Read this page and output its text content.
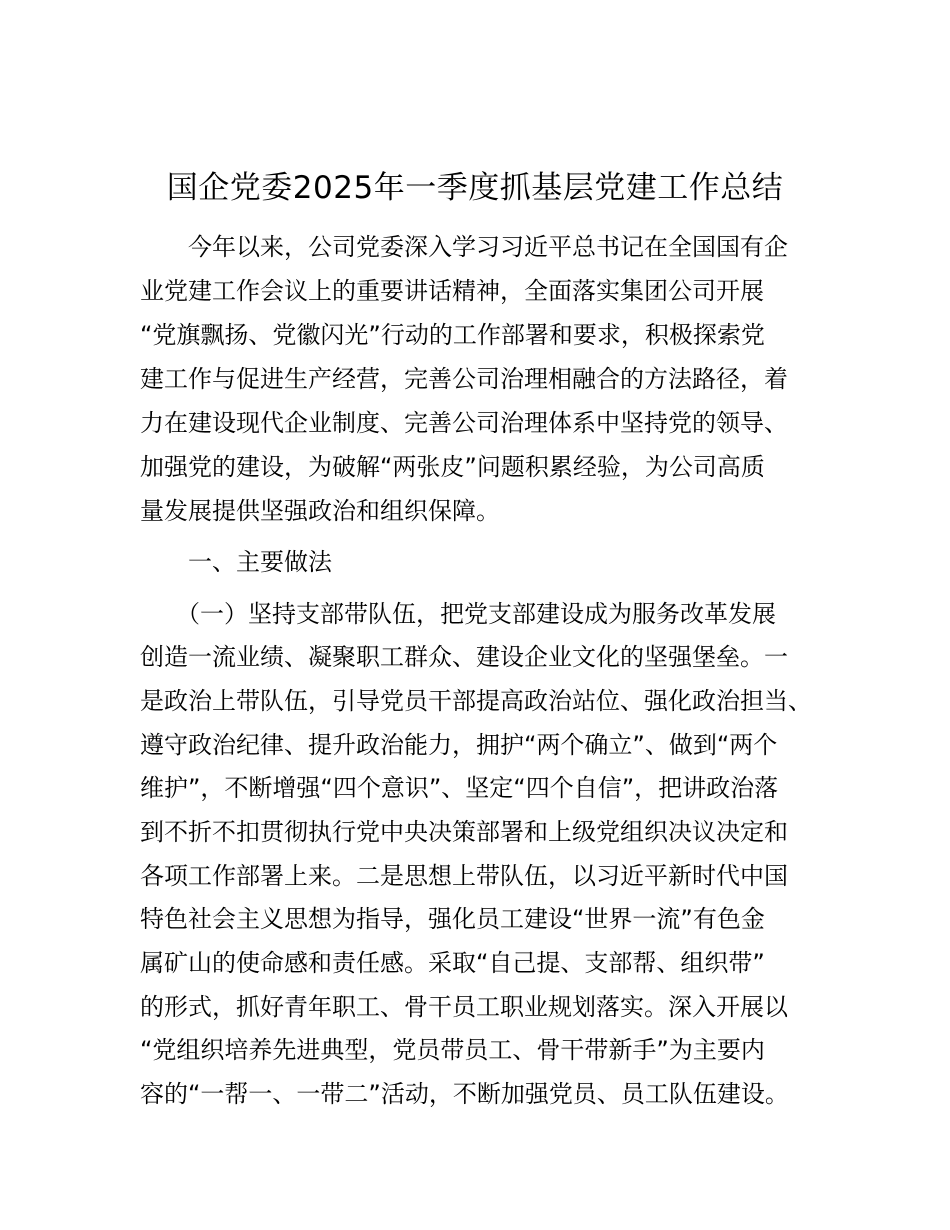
国企党委2025年一季度抓基层党建工作总结
　　今年以来，公司党委深入学习习近平总书记在全国国有企
业党建工作会议上的重要讲话精神，全面落实集团公司开展
“党旗飘扬、党徽闪光”行动的工作部署和要求，积极探索党
建工作与促进生产经营，完善公司治理相融合的方法路径，着
力在建设现代企业制度、完善公司治理体系中坚持党的领导、
加强党的建设，为破解“两张皮”问题积累经验，为公司高质
量发展提供坚强政治和组织保障。
　　一、主要做法
　　（一）坚持支部带队伍，把党支部建设成为服务改革发展
创造一流业绩、凝聚职工群众、建设企业文化的坚强堡垒。一
是政治上带队伍，引导党员干部提高政治站位、强化政治担当、
遵守政治纪律、提升政治能力，拥护“两个确立”、做到“两个
维护”，不断增强“四个意识”、坚定“四个自信”，把讲政治落
到不折不扣贯彻执行党中央决策部署和上级党组织决议决定和
各项工作部署上来。二是思想上带队伍，以习近平新时代中国
特色社会主义思想为指导，强化员工建设“世界一流”有色金
属矿山的使命感和责任感。采取“自己提、支部帮、组织带”
的形式，抓好青年职工、骨干员工职业规划落实。深入开展以
“党组织培养先进典型，党员带员工、骨干带新手”为主要内
容的“一帮一、一带二”活动，不断加强党员、员工队伍建设。
